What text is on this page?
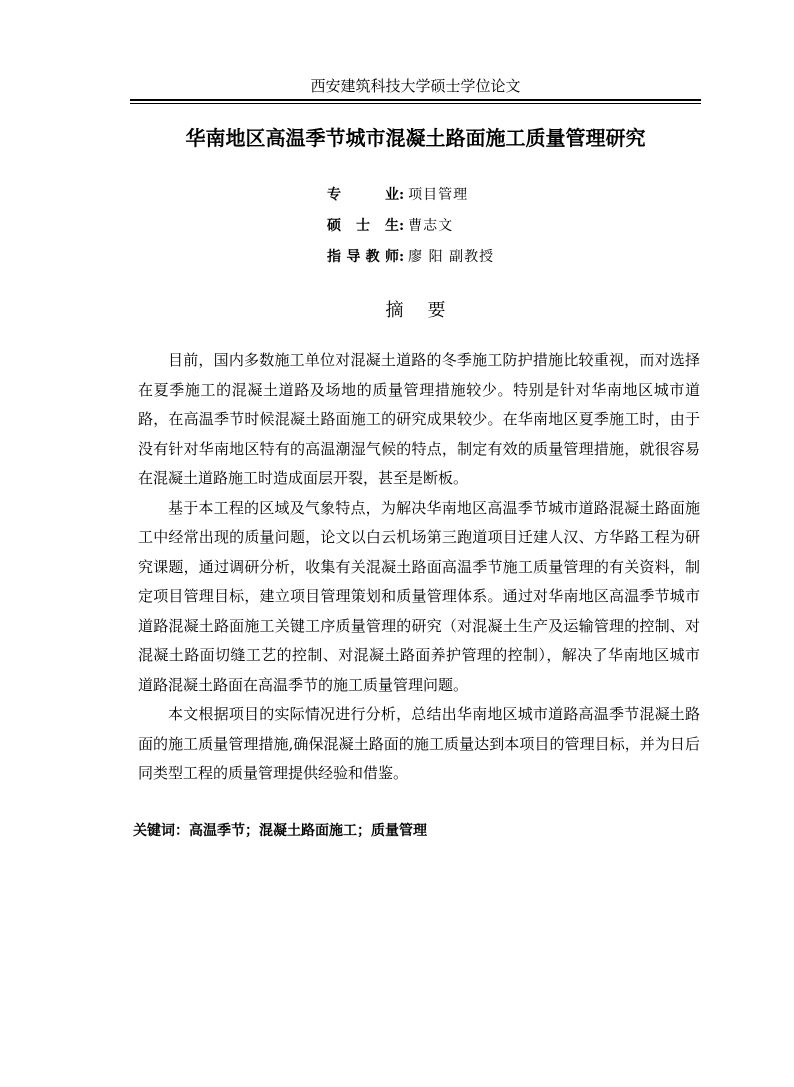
西安建筑科技大学硕士学位论文
华南地区高温季节城市混凝土路面施工质量管理研究
专 业 : 项目管理
硕 士 生 : 曹志文
指导教师 : 廖 阳 副教授
摘要

目前，国内多数施工单位对混凝土道路的冬季施工防护措施比较重视，而对选择在夏季施工的混凝土道路及场地的质量管理措施较少。特别是针对华南地区城市道路，在高温季节时候混凝土路面施工的研究成果较少。在华南地区夏季施工时，由于没有针对华南地区特有的高温潮湿气候的特点，制定有效的质量管理措施，就很容易在混凝土道路施工时造成面层开裂，甚至是断板。

基于本工程的区域及气象特点，为解决华南地区高温季节城市道路混凝土路面施工中经常出现的质量问题，论文以白云机场第三跑道项目迁建人汉、方华路工程为研究课题，通过调研分析，收集有关混凝土路面高温季节施工质量管理的有关资料，制定项目管理目标，建立项目管理策划和质量管理体系。通过对华南地区高温季节城市道路混凝土路面施工关键工序质量管理的研究（对混凝土生产及运输管理的控制、对混凝土路面切缝工艺的控制、对混凝土路面养护管理的控制），解决了华南地区城市道路混凝土路面在高温季节的施工质量管理问题。

本文根据项目的实际情况进行分析，总结出华南地区城市道路高温季节混凝土路面的施工质量管理措施,确保混凝土路面的施工质量达到本项目的管理目标，并为日后同类型工程的质量管理提供经验和借鉴。

关键词：高温季节；混凝土路面施工；质量管理
